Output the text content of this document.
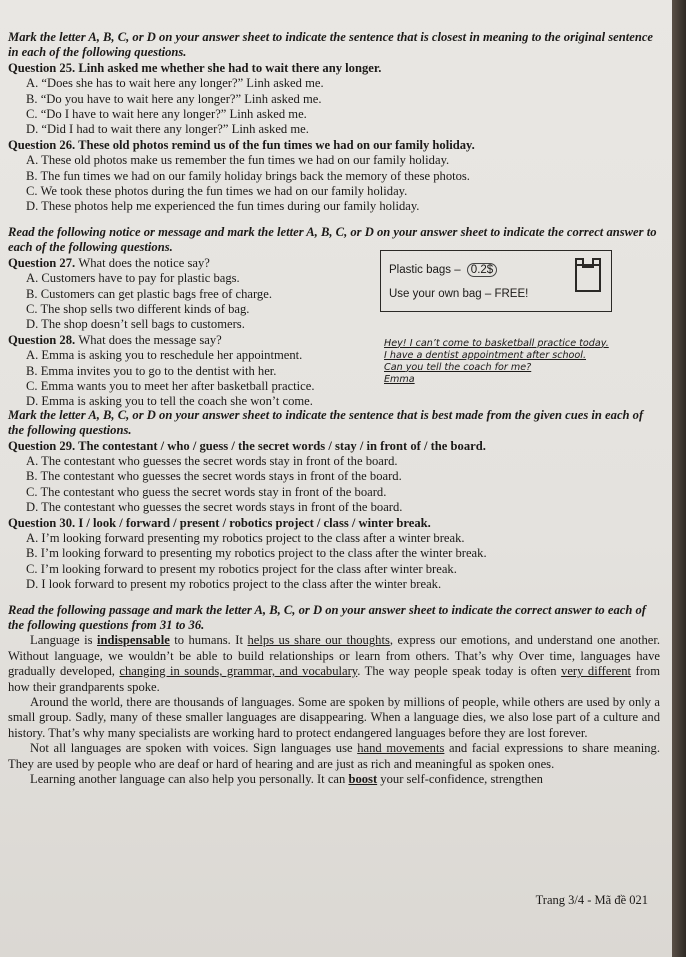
Mark the letter A, B, C, or D on your answer sheet to indicate the sentence that is closest in meaning to the original sentence in each of the following questions.
Question 25. Linh asked me whether she had to wait there any longer.
A. “Does she has to wait here any longer?” Linh asked me.
B. “Do you have to wait here any longer?” Linh asked me.
C. “Do I have to wait here any longer?” Linh asked me.
D. “Did I had to wait there any longer?” Linh asked me.
Question 26. These old photos remind us of the fun times we had on our family holiday.
A. These old photos make us remember the fun times we had on our family holiday.
B. The fun times we had on our family holiday brings back the memory of these photos.
C. We took these photos during the fun times we had on our family holiday.
D. These photos help me experienced the fun times during our family holiday.
Read the following notice or message and mark the letter A, B, C, or D on your answer sheet to indicate the correct answer to each of the following questions.
Question 27. What does the notice say?
A. Customers have to pay for plastic bags.
B. Customers can get plastic bags free of charge.
C. The shop sells two different kinds of bag.
D. The shop doesn’t sell bags to customers.
Question 28. What does the message say?
A. Emma is asking you to reschedule her appointment.
B. Emma invites you to go to the dentist with her.
C. Emma wants you to meet her after basketball practice.
D. Emma is asking you to tell the coach she won’t come.
Plastic bags – 0.2$
Use your own bag – FREE!
Hey! I can’t come to basketball practice today.
I have a dentist appointment after school.
Can you tell the coach for me?
Emma
Mark the letter A, B, C, or D on your answer sheet to indicate the sentence that is best made from the given cues in each of the following questions.
Question 29. The contestant / who / guess / the secret words / stay / in front of / the board.
A. The contestant who guesses the secret words stay in front of the board.
B. The contestant who guesses the secret words stays in front of the board.
C. The contestant who guess the secret words stay in front of the board.
D. The contestant who guesses the secret words stays in front of the board.
Question 30. I / look / forward / present / robotics project / class / winter break.
A. I’m looking forward presenting my robotics project to the class after a winter break.
B. I’m looking forward to presenting my robotics project to the class after the winter break.
C. I’m looking forward to present my robotics project for the class after winter break.
D. I look forward to present my robotics project to the class after the winter break.
Read the following passage and mark the letter A, B, C, or D on your answer sheet to indicate the correct answer to each of the following questions from 31 to 36.
Language is indispensable to humans. It helps us share our thoughts, express our emotions, and understand one another. Without language, we wouldn’t be able to build relationships or learn from others. That’s why Over time, languages have gradually developed, changing in sounds, grammar, and vocabulary. The way people speak today is often very different from how their grandparents spoke.
Around the world, there are thousands of languages. Some are spoken by millions of people, while others are used by only a small group. Sadly, many of these smaller languages are disappearing. When a language dies, we also lose part of a culture and history. That’s why many specialists are working hard to protect endangered languages before they are lost forever.
Not all languages are spoken with voices. Sign languages use hand movements and facial expressions to share meaning. They are used by people who are deaf or hard of hearing and are just as rich and meaningful as spoken ones.
Learning another language can also help you personally. It can boost your self-confidence, strengthen
Trang 3/4 - Mã đề 021
